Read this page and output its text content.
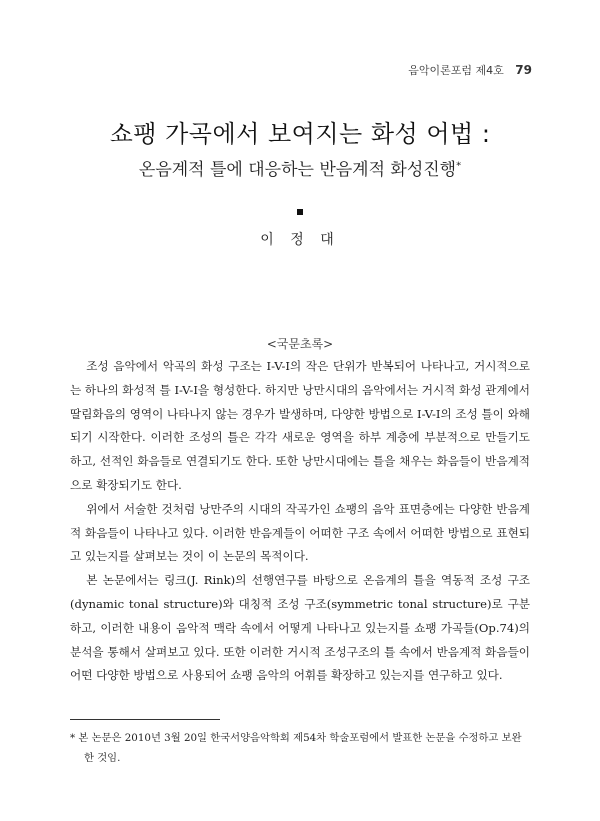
음악이론포럼 제4호 79
쇼팽 가곡에서 보여지는 화성 어법 :
온음계적 틀에 대응하는 반음계적 화성진행*
이 정 대
<국문초록>

조성 음악에서 악곡의 화성 구조는 I-V-I의 작은 단위가 반복되어 나타나고, 거시적으로는 하나의 화성적 틀 I-V-I을 형성한다. 하지만 낭만시대의 음악에서는 거시적 화성 관계에서 딸림화음의 영역이 나타나지 않는 경우가 발생하며, 다양한 방법으로 I-V-I의 조성 틀이 와해되기 시작한다. 이러한 조성의 틀은 각각 새로운 영역을 하부 계층에 부분적으로 만들기도 하고, 선적인 화음들로 연결되기도 한다. 또한 낭만시대에는 틀을 채우는 화음들이 반음계적으로 확장되기도 한다.

위에서 서술한 것처럼 낭만주의 시대의 작곡가인 쇼팽의 음악 표면층에는 다양한 반음계적 화음들이 나타나고 있다. 이러한 반음계들이 어떠한 구조 속에서 어떠한 방법으로 표현되고 있는지를 살펴보는 것이 이 논문의 목적이다.

본 논문에서는 링크(J. Rink)의 선행연구를 바탕으로 온음계의 틀을 역동적 조성 구조(dynamic tonal structure)와 대칭적 조성 구조(symmetric tonal structure)로 구분하고, 이러한 내용이 음악적 맥락 속에서 어떻게 나타나고 있는지를 쇼팽 가곡들(Op.74)의 분석을 통해서 살펴보고 있다. 또한 이러한 거시적 조성구조의 틀 속에서 반음계적 화음들이 어떤 다양한 방법으로 사용되어 쇼팽 음악의 어휘를 확장하고 있는지를 연구하고 있다.

* 본 논문은 2010년 3월 20일 한국서양음악학회 제54차 학술포럼에서 발표한 논문을 수정하고 보완한 것임.
